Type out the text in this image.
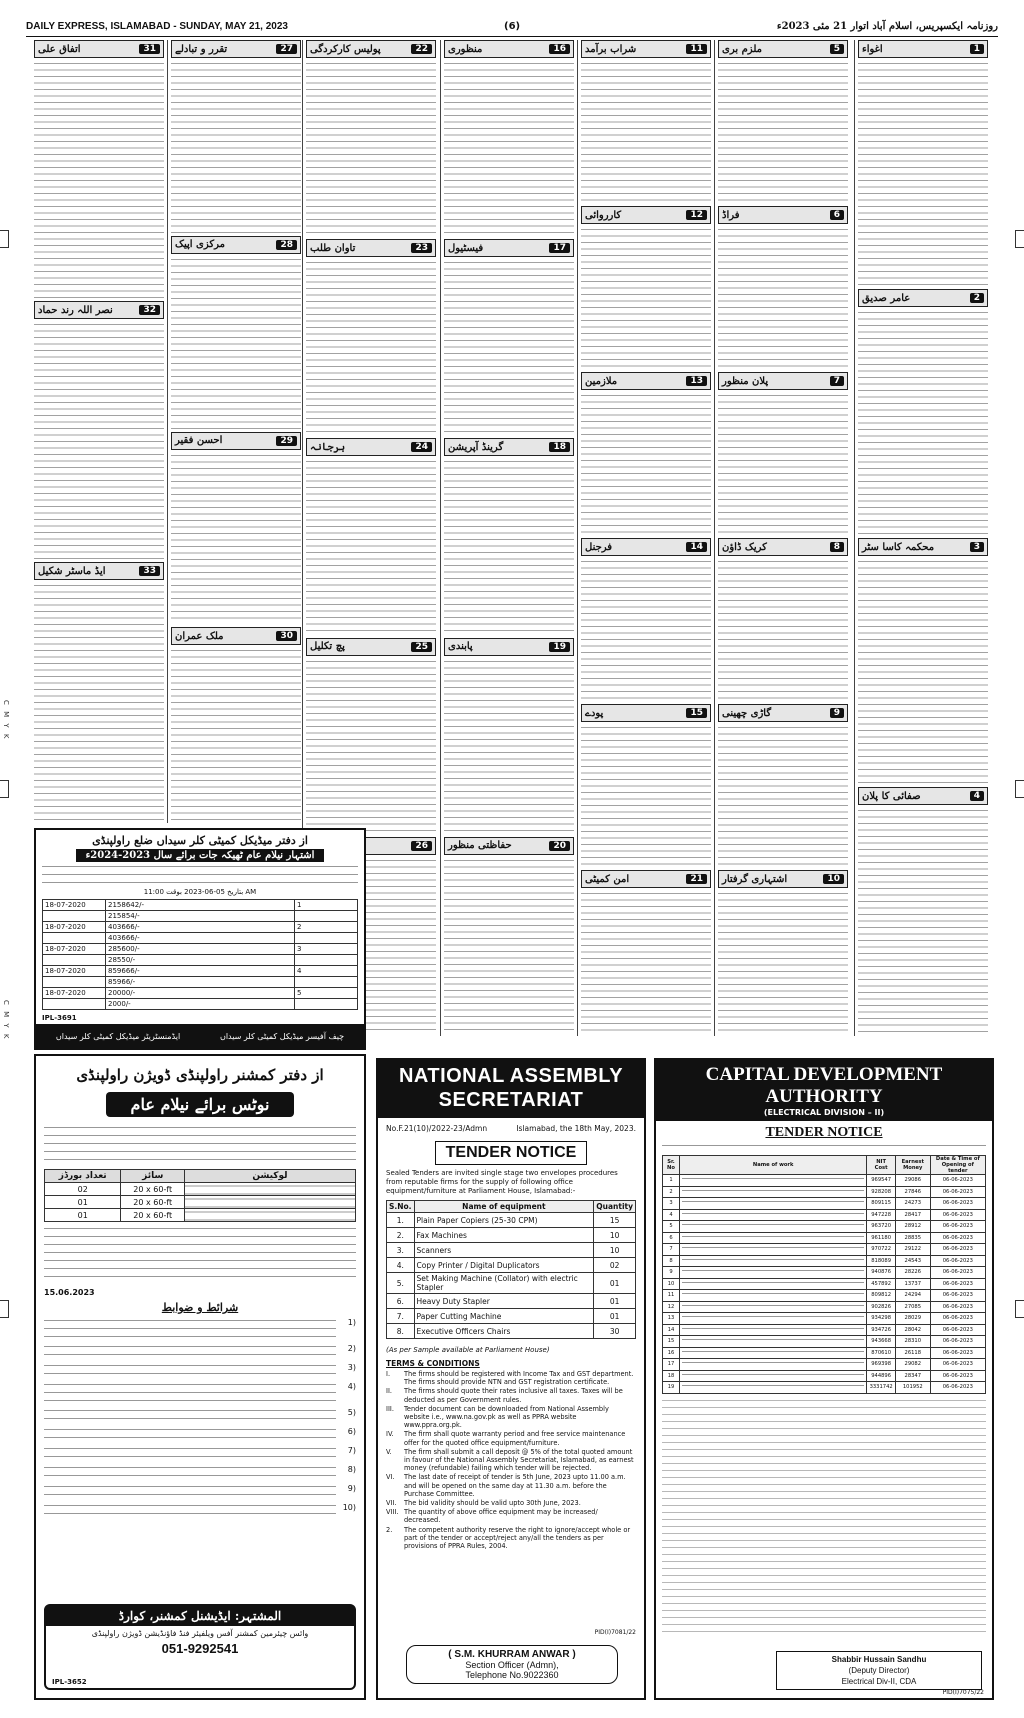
DAILY EXPRESS, ISLAMABAD - SUNDAY, MAY 21, 2023	(6)	روزنامہ ایکسپریس، اسلام آباد اتوار 21 مئی 2023ء
اغواء	1
عامر صدیق	2
محکمہ کاسا سٹر	3
صفائی کا پلان	4
ملزم بری	5
فراڈ	6
پلان منظور	7
کریک ڈاؤن	8
گاڑی چھینی	9
اشتہاری گرفتار	10
شراب برآمد	11
کارروائی	12
ملازمین	13
فرجنل	14
پودے	15
امن کمیٹی	21
منظوری	16
فیسٹیول	17
گرینڈ آپریشن	18
پابندی	19
حفاظتی منظور	20
پولیس کارکردگی	22
تاوان طلب	23
ہرجانہ	24
پچ تکلیل	25
26
تقرر و تبادلے	27
مرکزی اپیک	28
احسن فقیر	29
ملک عمران	30
اتفاق علی	31
نصر اللہ رند حماد	32
ایڈ ماسٹر شکیل	33
از دفتر میڈیکل کمیٹی کلر سیداں ضلع راولپنڈی
اشتہار نیلام عام ٹھیکہ جات برائے سال 2023-2024ء
بتاریخ 05-06-2023 بوقت 11:00 AM
18-07-2020	2158642/-	1
	215854/-	
18-07-2020	403666/-	2
	403666/-	
18-07-2020	285600/-	3
	28550/-	
18-07-2020	859666/-	4
	85966/-	
18-07-2020	20000/-	5
	2000/-	
ایڈمنسٹریٹر میڈیکل کمیٹی کلر سیداں	چیف آفیسر میڈیکل کمیٹی کلر سیداں
IPL-3691
از دفتر کمشنر راولپنڈی ڈویژن راولپنڈی
نوٹس برائے نیلام عام
تعداد بورڈز	سائز	لوکیشن
02	20 x 60-ft	
01	20 x 60-ft	
01	20 x 60-ft	
15.06.2023
شرائط و ضوابط
1)
2)
3)
4)
5)
6)
7)
8)
9)
10)
المشتہر: ایڈیشنل کمشنر، کوارڈ
وائس چیئرمین کمشنر آفس ویلفیئر فنڈ فاؤنڈیشن ڈویژن راولپنڈی
051-9292541
IPL-3652
NATIONAL ASSEMBLY
SECRETARIAT
No.F.21(10)/2022-23/Admn	Islamabad, the 18th May, 2023.
TENDER NOTICE
Sealed Tenders are invited single stage two envelopes procedures from reputable firms for the supply of following office equipment/furniture at Parliament House, Islamabad:-
S.No.	Name of equipment	Quantity
1.	Plain Paper Copiers (25-30 CPM)	15
2.	Fax Machines	10
3.	Scanners	10
4.	Copy Printer / Digital Duplicators	02
5.	Set Making Machine (Collator) with electric Stapler	01
6.	Heavy Duty Stapler	01
7.	Paper Cutting Machine	01
8.	Executive Officers Chairs	30
(As per Sample available at Parliament House)
TERMS & CONDITIONS
I.	The firms should be registered with Income Tax and GST department. The firms should provide NTN and GST registration certificate.
II.	The firms should quote their rates inclusive all taxes. Taxes will be deducted as per Government rules.
III.	Tender document can be downloaded from National Assembly website i.e., www.na.gov.pk as well as PPRA website www.ppra.org.pk.
IV.	The firm shall quote warranty period and free service maintenance offer for the quoted office equipment/furniture.
V.	The firm shall submit a call deposit @ 5% of the total quoted amount in favour of the National Assembly Secretariat, Islamabad, as earnest money (refundable) failing which tender will be rejected.
VI.	The last date of receipt of tender is 5th June, 2023 upto 11.00 a.m. and will be opened on the same day at 11.30 a.m. before the Purchase Committee.
VII.	The bid validity should be valid upto 30th June, 2023.
VIII. The quantity of above office equipment may be increased/ decreased.
2.	The competent authority reserve the right to ignore/accept whole or part of the tender or accept/reject any/all the tenders as per provisions of PPRA Rules, 2004.
PID(I)7081/22
( S.M. KHURRAM ANWAR )
Section Officer (Admn),
Telephone No.9022360
CAPITAL DEVELOPMENT AUTHORITY
(ELECTRICAL DIVISION – II)
TENDER NOTICE
Sr. No	Name of work	NIT Cost	Earnest Money	Date & Time of Opening of tender
1		969547	29086	06-06-2023
2		928208	27846	06-06-2023
3		809115	24273	06-06-2023
4		947228	28417	06-06-2023
5		963720	28912	06-06-2023
6		961180	28835	06-06-2023
7		970722	29122	06-06-2023
8		818089	24543	06-06-2023
9		940876	28226	06-06-2023
10		457892	13737	06-06-2023
11		809812	24294	06-06-2023
12		902826	27085	06-06-2023
13		934298	28029	06-06-2023
14		934726	28042	06-06-2023
15		943668	28310	06-06-2023
16		870610	26118	06-06-2023
17		969398	29082	06-06-2023
18		944896	28347	06-06-2023
19		3331742	101952	06-06-2023
PID(I)7075/22
Shabbir Hussain Sandhu
(Deputy Director)
Electrical Div-II, CDA
C M Y K
C M Y K
